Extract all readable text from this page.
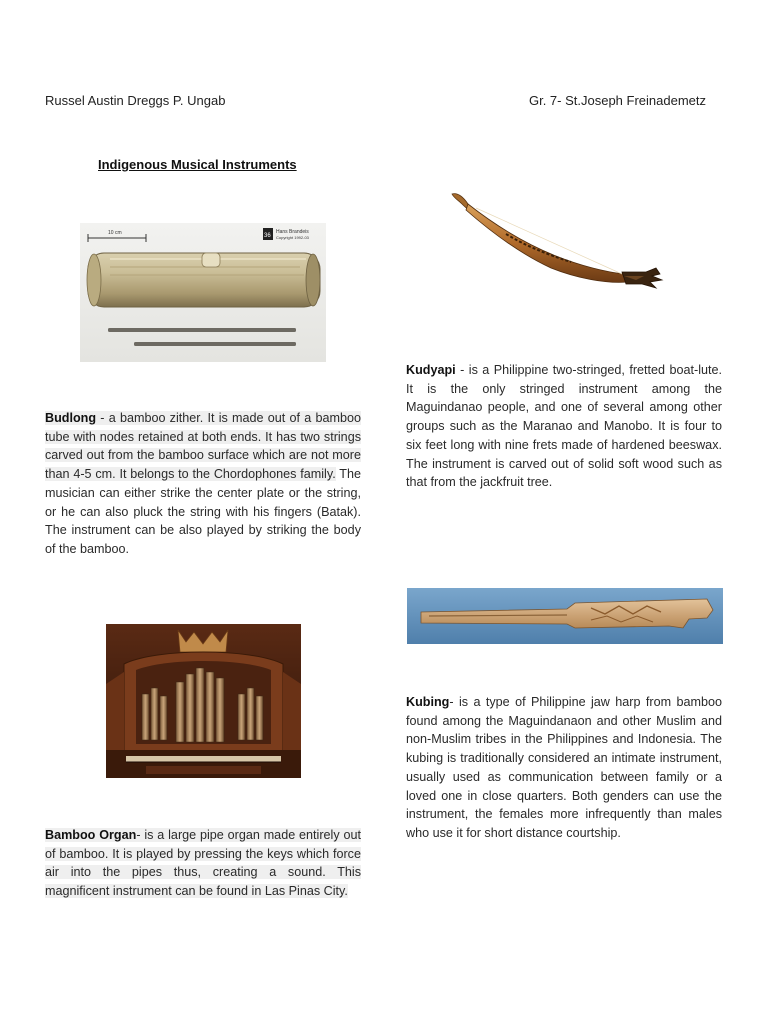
Russel Austin Dreggs P. Ungab	Gr. 7- St.Joseph Freinademetz
Indigenous Musical Instruments
10 cm	36
Hans Brandeis
Copyright 1992-03
Budlong - a bamboo zither. It is made out of a bamboo tube with nodes retained at both ends. It has two strings carved out from the bamboo surface which are not more than 4-5 cm. It belongs to the Chordophones family. The musician can either strike the center plate or the string, or he can also pluck the string with his fingers (Batak). The instrument can be also played by striking the body of the bamboo.
Kudyapi - is a Philippine two-stringed, fretted boat-lute. It is the only stringed instrument among the Maguindanao people, and one of several among other groups such as the Maranao and Manobo. It is four to six feet long with nine frets made of hardened beeswax. The instrument is carved out of solid soft wood such as that from the jackfruit tree.
Bamboo Organ- is a large pipe organ made entirely out of bamboo. It is played by pressing the keys which force air into the pipes thus, creating a sound. This magnificent instrument can be found in Las Pinas City.
Kubing- is a type of Philippine jaw harp from bamboo found among the Maguindanaon and other Muslim and non-Muslim tribes in the Philippines and Indonesia. The kubing is traditionally considered an intimate instrument, usually used as communication between family or a loved one in close quarters. Both genders can use the instrument, the females more infrequently than males who use it for short distance courtship.
